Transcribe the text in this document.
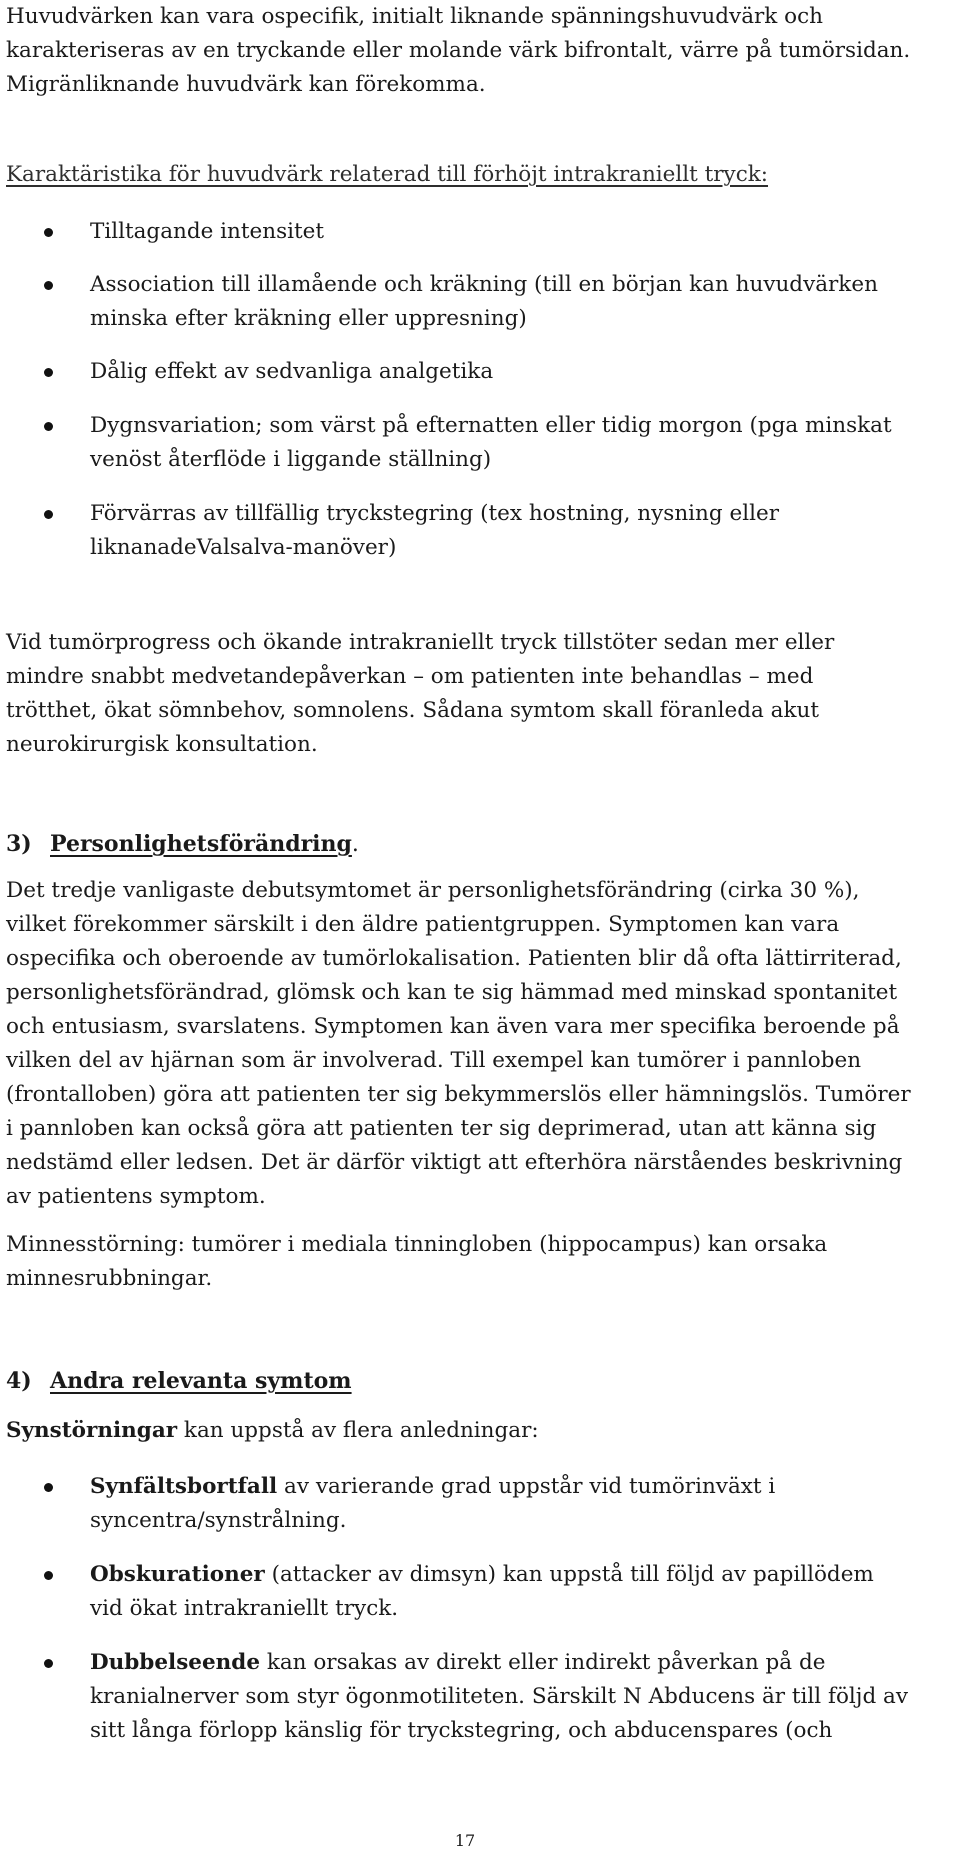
Huvudvärken kan vara ospecifik, initialt liknande spänningshuvudvärk och
karakteriseras av en tryckande eller molande värk bifrontalt, värre på tumörsidan.
Migränliknande huvudvärk kan förekomma.
Karaktäristika för huvudvärk relaterad till förhöjt intrakraniellt tryck:
Tilltagande intensitet
Association till illamående och kräkning (till en början kan huvudvärken
minska efter kräkning eller uppresning)
Dålig effekt av sedvanliga analgetika
Dygnsvariation; som värst på efternatten eller tidig morgon (pga minskat
venöst återflöde i liggande ställning)
Förvärras av tillfällig tryckstegring (tex hostning, nysning eller
liknanadeValsalva-manöver)
Vid tumörprogress och ökande intrakraniellt tryck tillstöter sedan mer eller
mindre snabbt medvetandepåverkan – om patienten inte behandlas – med
trötthet, ökat sömnbehov, somnolens. Sådana symtom skall föranleda akut
neurokirurgisk konsultation.
3) Personlighetsförändring.
Det tredje vanligaste debutsymtomet är personlighetsförändring (cirka 30 %),
vilket förekommer särskilt i den äldre patientgruppen. Symptomen kan vara
ospecifika och oberoende av tumörlokalisation. Patienten blir då ofta lättirriterad,
personlighetsförändrad, glömsk och kan te sig hämmad med minskad spontanitet
och entusiasm, svarslatens. Symptomen kan även vara mer specifika beroende på
vilken del av hjärnan som är involverad. Till exempel kan tumörer i pannloben
(frontalloben) göra att patienten ter sig bekymmerslös eller hämningslös. Tumörer
i pannloben kan också göra att patienten ter sig deprimerad, utan att känna sig
nedstämd eller ledsen. Det är därför viktigt att efterhöra närståendes beskrivning
av patientens symptom.
Minnesstörning: tumörer i mediala tinningloben (hippocampus) kan orsaka
minnesrubbningar.
4) Andra relevanta symtom
Synstörningar kan uppstå av flera anledningar:
Synfältsbortfall av varierande grad uppstår vid tumörinväxt i
syncentra/synstrålning.
Obskurationer (attacker av dimsyn) kan uppstå till följd av papillödem
vid ökat intrakraniellt tryck.
Dubbelseende kan orsakas av direkt eller indirekt påverkan på de
kranialnerver som styr ögonmotiliteten. Särskilt N Abducens är till följd av
sitt långa förlopp känslig för tryckstegring, och abducenspares (och
17
